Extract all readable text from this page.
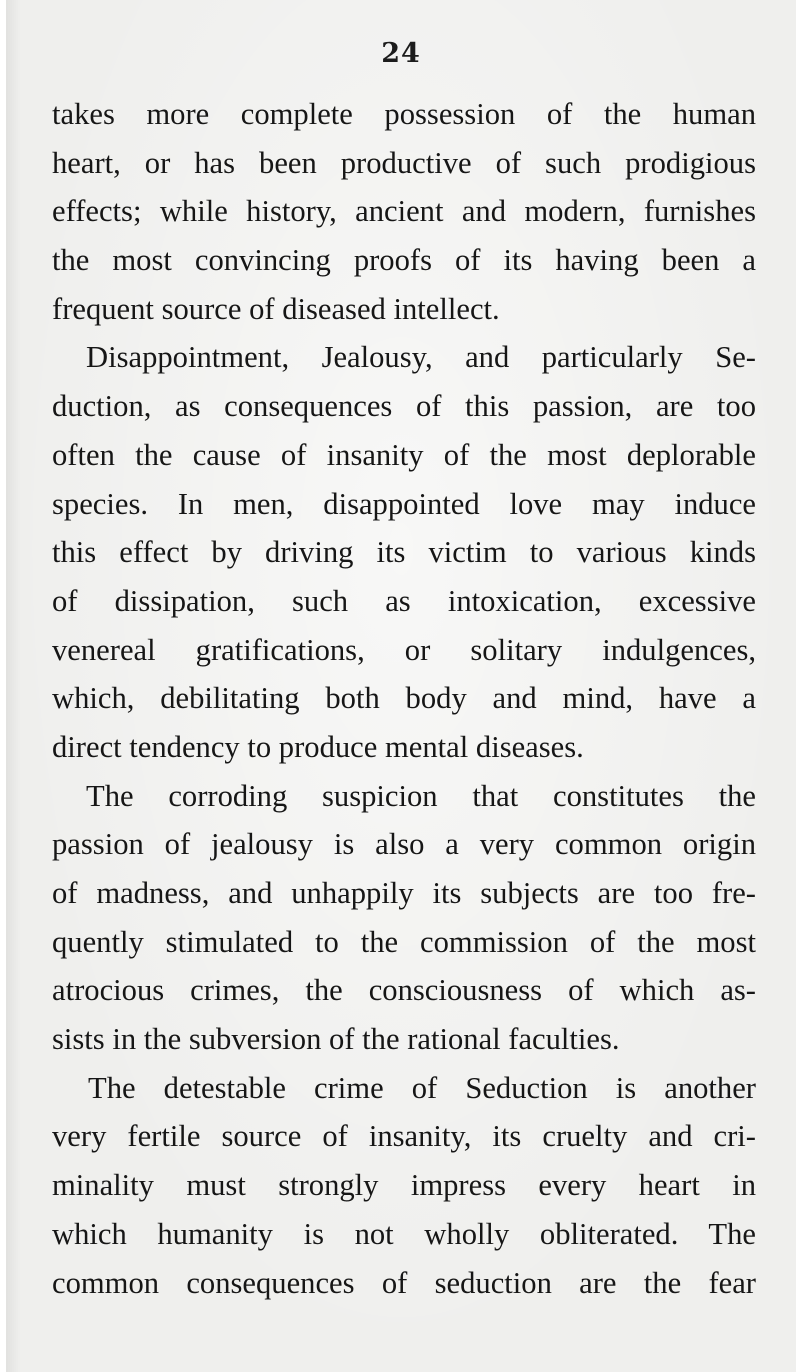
24
takes more complete possession of the human
heart, or has been productive of such prodigious
effects; while history, ancient and modern, furnishes
the most convincing proofs of its having been a
frequent source of diseased intellect.
Disappointment, Jealousy, and particularly Se-
duction, as consequences of this passion, are too
often the cause of insanity of the most deplorable
species. In men, disappointed love may induce
this effect by driving its victim to various kinds
of dissipation, such as intoxication, excessive
venereal gratifications, or solitary indulgences,
which, debilitating both body and mind, have a
direct tendency to produce mental diseases.
The corroding suspicion that constitutes the
passion of jealousy is also a very common origin
of madness, and unhappily its subjects are too fre-
quently stimulated to the commission of the most
atrocious crimes, the consciousness of which as-
sists in the subversion of the rational faculties.
The detestable crime of Seduction is another
very fertile source of insanity, its cruelty and cri-
minality must strongly impress every heart in
which humanity is not wholly obliterated. The
common consequences of seduction are the fear
